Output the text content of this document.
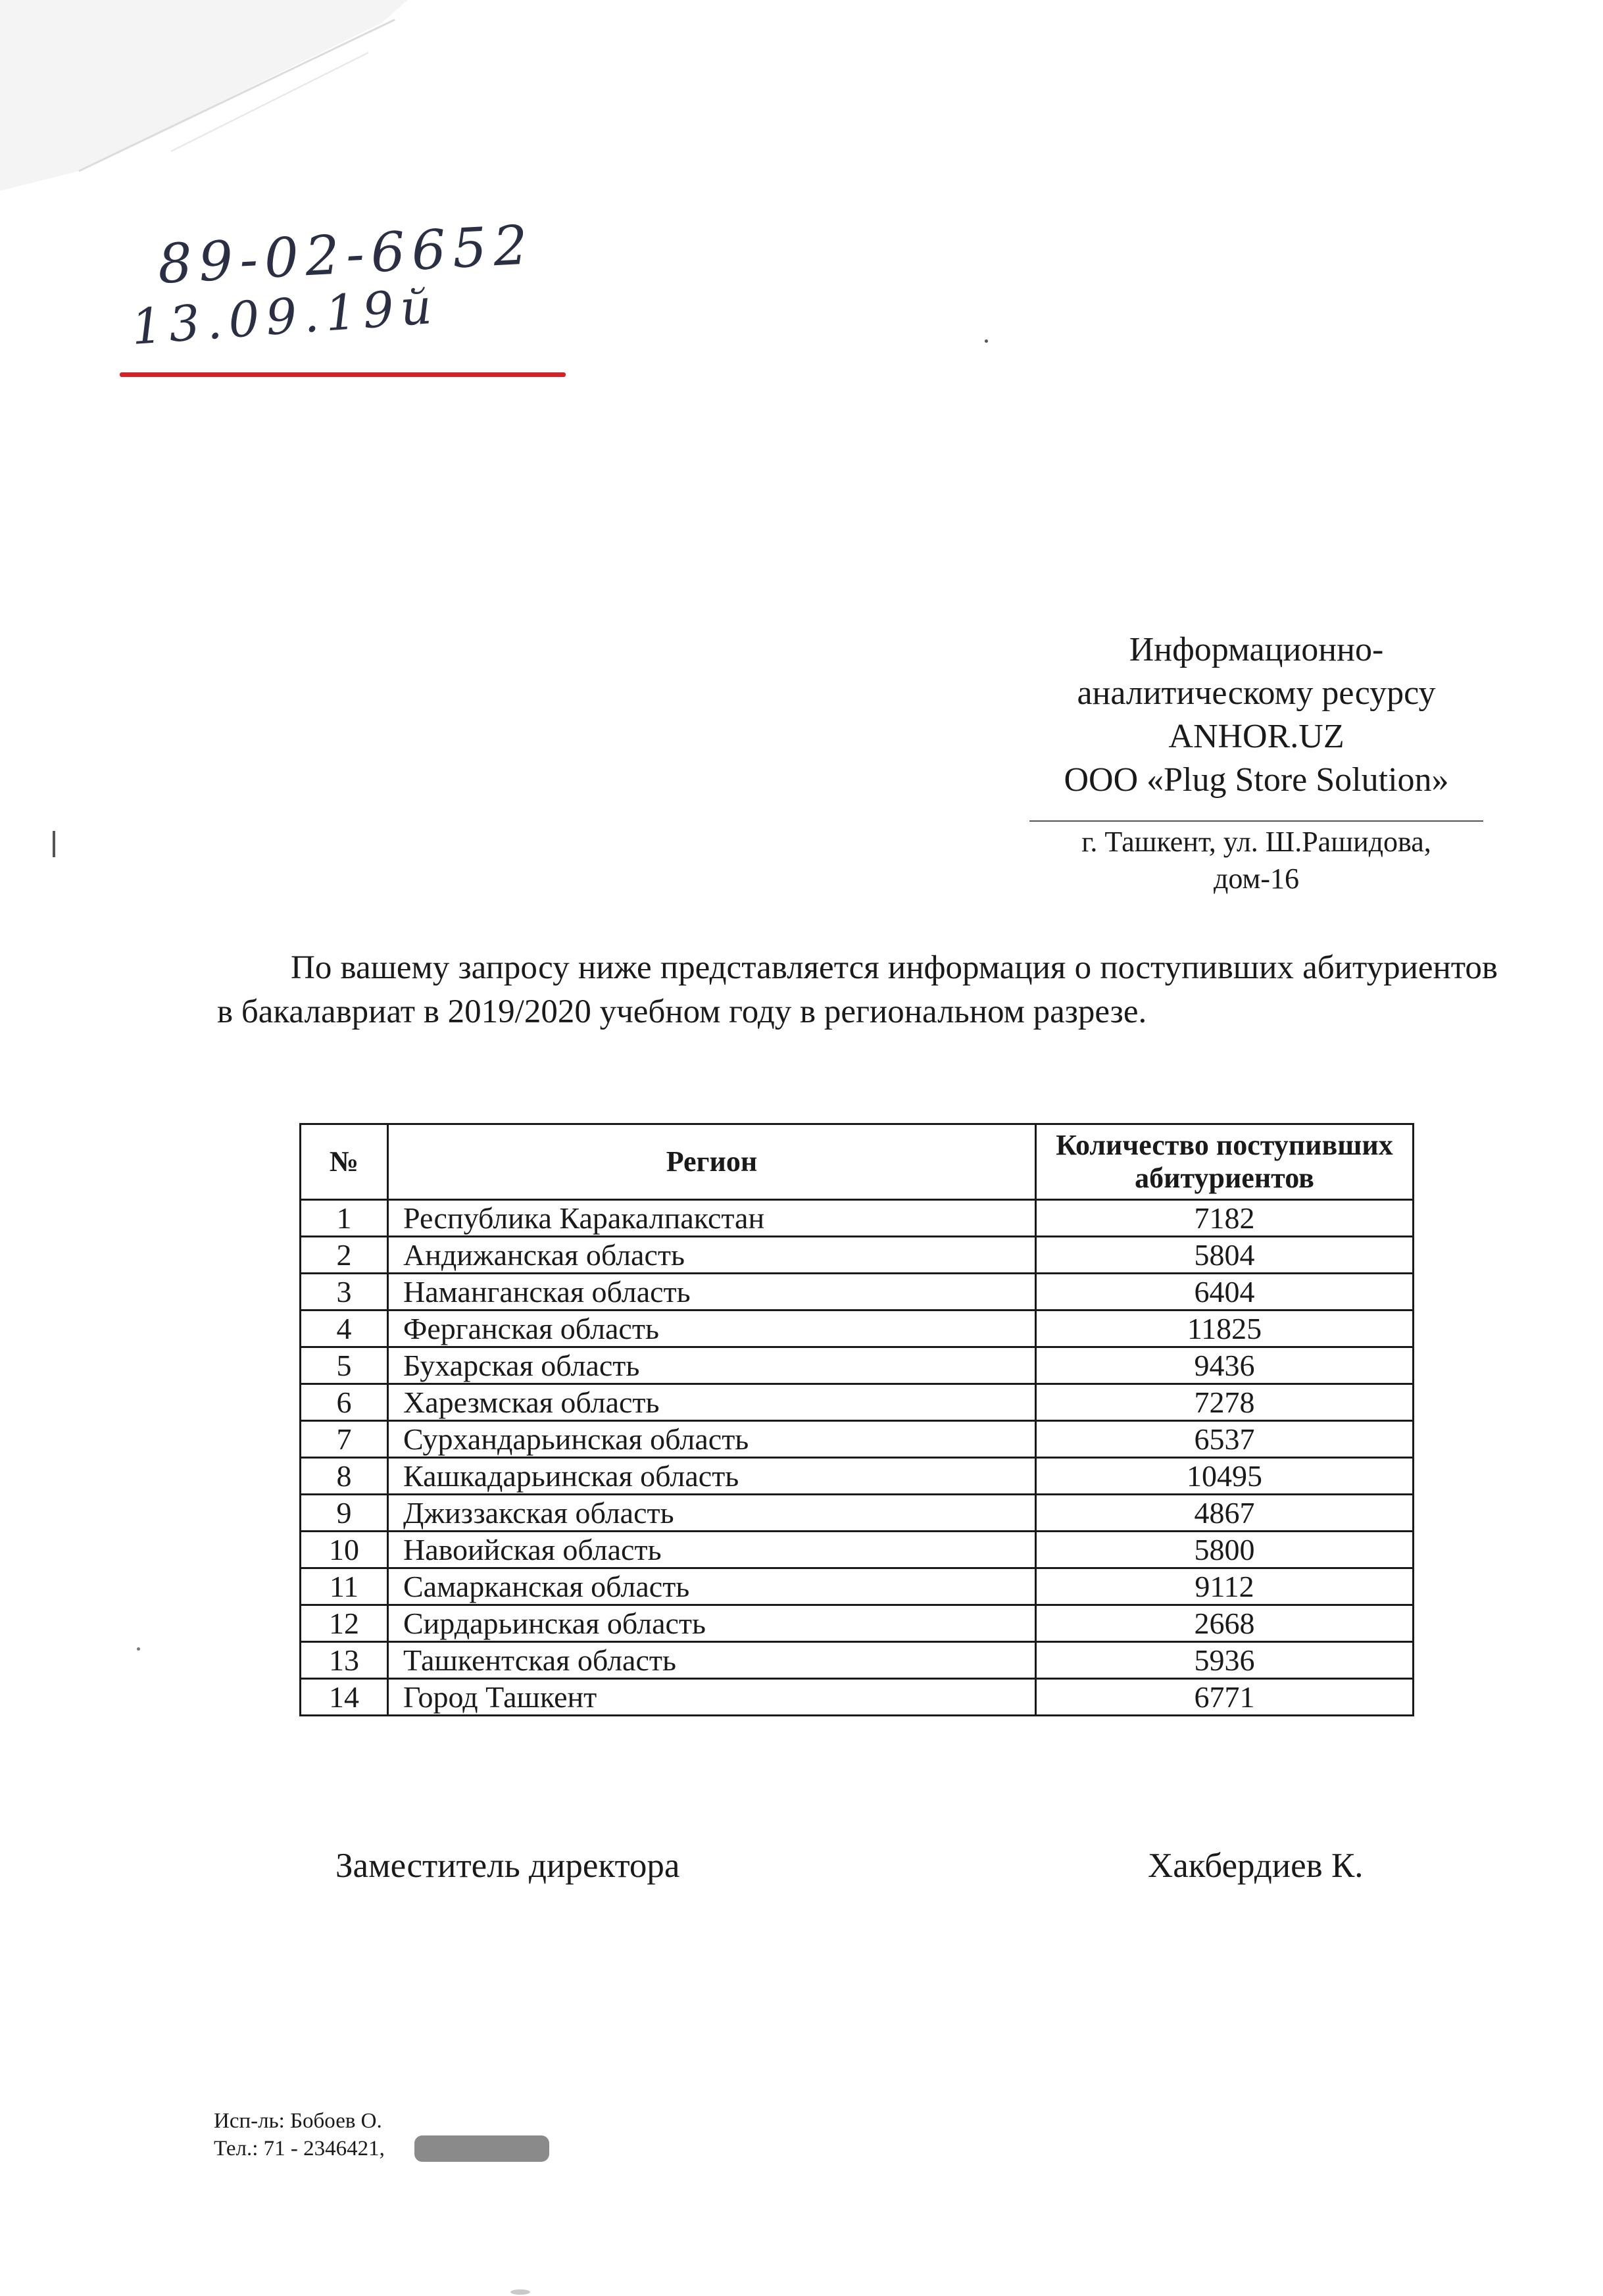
89-02-6652
13.09.19й
Информационно-
аналитическому ресурсу
ANHOR.UZ
ООО «Plug Store Solution»
г. Ташкент, ул. Ш.Рашидова,
дом-16

По вашему запросу ниже представляется информация о поступивших абитуриентов в бакалавриат в 2019/2020 учебном году в региональном разрезе.

№	Регион	Количество поступивших абитуриентов
1	Республика Каракалпакстан	7182
2	Андижанская область	5804
3	Наманганская область	6404
4	Ферганская область	11825
5	Бухарская область	9436
6	Харезмская область	7278
7	Сурхандарьинская область	6537
8	Кашкадарьинская область	10495
9	Джиззакская область	4867
10	Навоийская область	5800
11	Самарканская область	9112
12	Сирдарьинская область	2668
13	Ташкентская область	5936
14	Город Ташкент	6771
Заместитель директора	Хакбердиев К.
Исп-ль: Бобоев О.
Тел.: 71 - 2346421,
